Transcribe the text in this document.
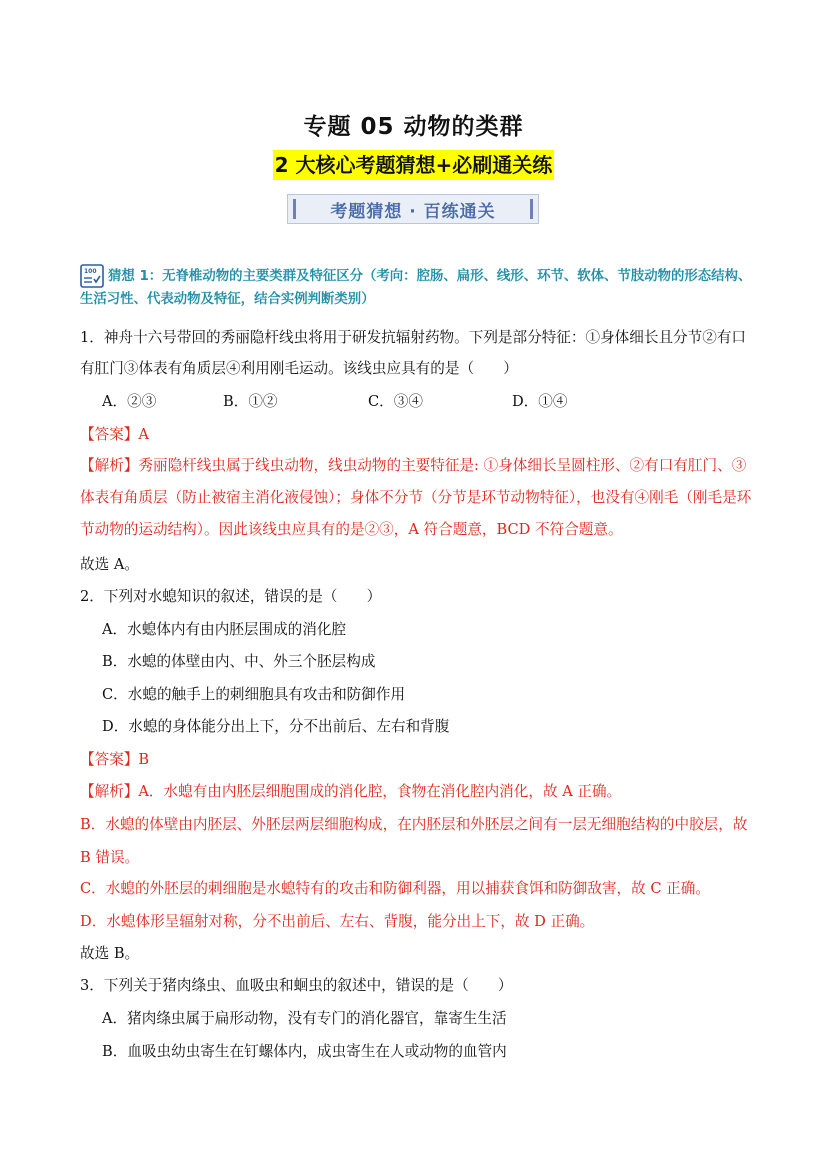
专题 05 动物的类群
2 大核心考题猜想+必刷通关练
考题猜想 · 百练通关
100 猜想 1：无脊椎动物的主要类群及特征区分（考向：腔肠、扁形、线形、环节、软体、节肢动物的形态结构、生活习性、代表动物及特征，结合实例判断类别）
1．神舟十六号带回的秀丽隐杆线虫将用于研发抗辐射药物。下列是部分特征：①身体细长且分节②有口有肛门③体表有角质层④利用刚毛运动。该线虫应具有的是（　　）
A．②③	B．①②	C．③④	D．①④
【答案】A
【解析】秀丽隐杆线虫属于线虫动物，线虫动物的主要特征是: ①身体细长呈圆柱形、②有口有肛门、③体表有角质层（防止被宿主消化液侵蚀）；身体不分节（分节是环节动物特征），也没有④刚毛（刚毛是环节动物的运动结构）。因此该线虫应具有的是②③，A 符合题意，BCD 不符合题意。
故选 A。
2．下列对水螅知识的叙述，错误的是（　　）
A．水螅体内有由内胚层围成的消化腔
B．水螅的体壁由内、中、外三个胚层构成
C．水螅的触手上的刺细胞具有攻击和防御作用
D．水螅的身体能分出上下，分不出前后、左右和背腹
【答案】B
【解析】A．水螅有由内胚层细胞围成的消化腔，食物在消化腔内消化，故 A 正确。
B．水螅的体壁由内胚层、外胚层两层细胞构成，在内胚层和外胚层之间有一层无细胞结构的中胶层，故 B 错误。
C．水螅的外胚层的刺细胞是水螅特有的攻击和防御利器，用以捕获食饵和防御敌害，故 C 正确。
D．水螅体形呈辐射对称，分不出前后、左右、背腹，能分出上下，故 D 正确。
故选 B。
3．下列关于猪肉绦虫、血吸虫和蛔虫的叙述中，错误的是（　　）
A．猪肉绦虫属于扁形动物，没有专门的消化器官，靠寄生生活
B．血吸虫幼虫寄生在钉螺体内，成虫寄生在人或动物的血管内
